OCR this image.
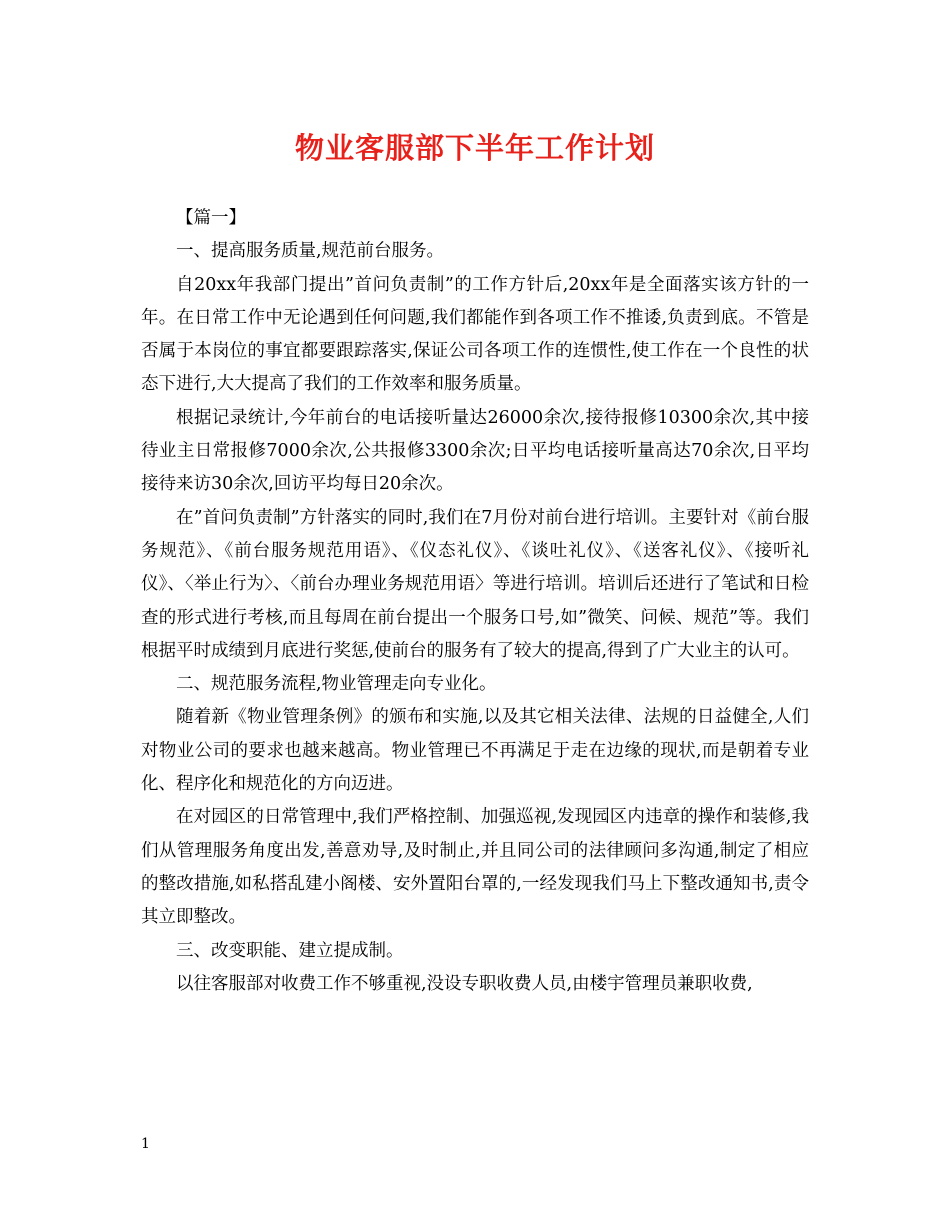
物业客服部下半年工作计划

【篇一】

一、提高服务质量,规范前台服务。

自20xx年我部门提出”首问负责制”的工作方针后,20xx年是全面落实该方针的一年。在日常工作中无论遇到任何问题,我们都能作到各项工作不推诿,负责到底。不管是否属于本岗位的事宜都要跟踪落实,保证公司各项工作的连惯性,使工作在一个良性的状态下进行,大大提高了我们的工作效率和服务质量。

根据记录统计,今年前台的电话接听量达26000余次,接待报修10300余次,其中接待业主日常报修7000余次,公共报修3300余次;日平均电话接听量高达70余次,日平均接待来访30余次,回访平均每日20余次。

在”首问负责制”方针落实的同时,我们在7月份对前台进行培训。主要针对《前台服务规范》、《前台服务规范用语》、《仪态礼仪》、《谈吐礼仪》、《送客礼仪》、《接听礼仪》、〈举止行为〉、〈前台办理业务规范用语〉等进行培训。培训后还进行了笔试和日检查的形式进行考核,而且每周在前台提出一个服务口号,如”微笑、问候、规范”等。我们根据平时成绩到月底进行奖惩,使前台的服务有了较大的提高,得到了广大业主的认可。

二、规范服务流程,物业管理走向专业化。

随着新《物业管理条例》的颁布和实施,以及其它相关法律、法规的日益健全,人们对物业公司的要求也越来越高。物业管理已不再满足于走在边缘的现状,而是朝着专业化、程序化和规范化的方向迈进。

在对园区的日常管理中,我们严格控制、加强巡视,发现园区内违章的操作和装修,我们从管理服务角度出发,善意劝导,及时制止,并且同公司的法律顾问多沟通,制定了相应的整改措施,如私搭乱建小阁楼、安外置阳台罩的,一经发现我们马上下整改通知书,责令其立即整改。

三、改变职能、建立提成制。

以往客服部对收费工作不够重视,没设专职收费人员,由楼宇管理员兼职收费,

1
